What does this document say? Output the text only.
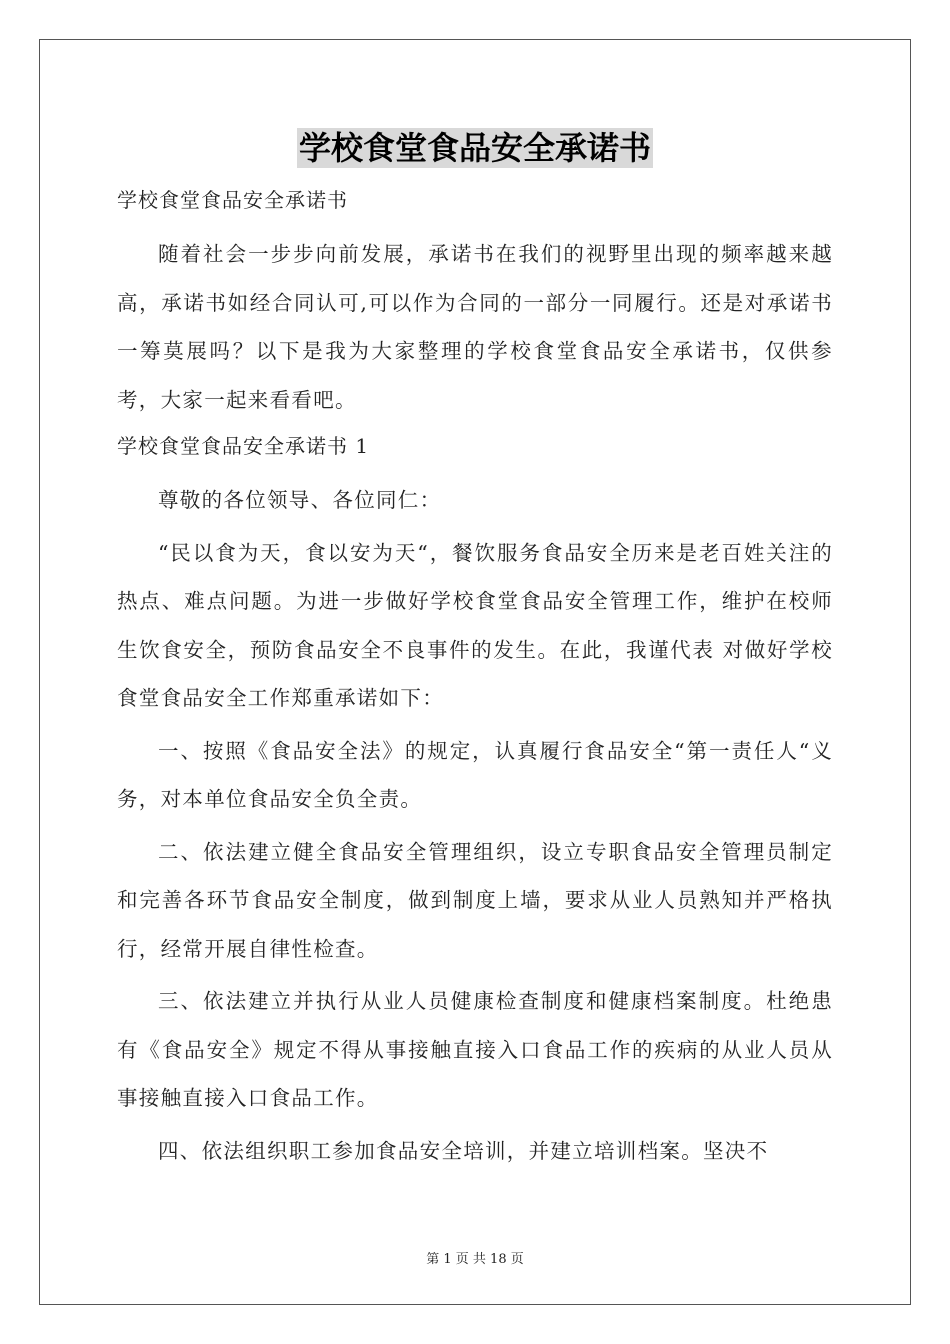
学校食堂食品安全承诺书

学校食堂食品安全承诺书

随着社会一步步向前发展，承诺书在我们的视野里出现的频率越来越高，承诺书如经合同认可,可以作为合同的一部分一同履行。还是对承诺书一筹莫展吗？以下是我为大家整理的学校食堂食品安全承诺书，仅供参考，大家一起来看看吧。

学校食堂食品安全承诺书 1

尊敬的各位领导、各位同仁：

“民以食为天，食以安为天“，餐饮服务食品安全历来是老百姓关注的热点、难点问题。为进一步做好学校食堂食品安全管理工作，维护在校师生饮食安全，预防食品安全不良事件的发生。在此，我谨代表 对做好学校食堂食品安全工作郑重承诺如下：

一、按照《食品安全法》的规定，认真履行食品安全“第一责任人“义务，对本单位食品安全负全责。

二、依法建立健全食品安全管理组织，设立专职食品安全管理员制定和完善各环节食品安全制度，做到制度上墙，要求从业人员熟知并严格执行，经常开展自律性检查。

三、依法建立并执行从业人员健康检查制度和健康档案制度。杜绝患有《食品安全》规定不得从事接触直接入口食品工作的疾病的从业人员从事接触直接入口食品工作。

四、依法组织职工参加食品安全培训，并建立培训档案。坚决不

第 1 页 共 18 页
